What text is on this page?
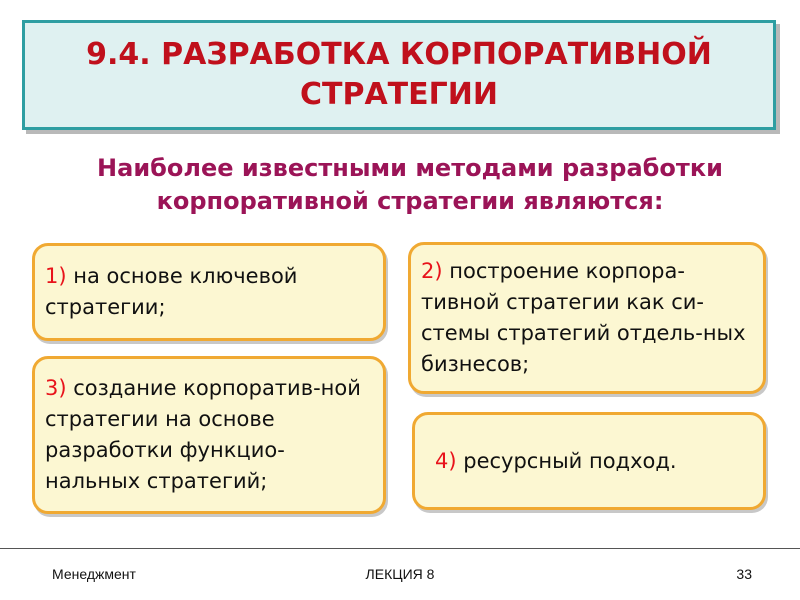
9.4. РАЗРАБОТКА КОРПОРАТИВНОЙ СТРАТЕГИИ
Наиболее известными методами разработки корпоративной стратегии являются:
1) на основе ключевой стратегии;
2) построение корпора-тивной стратегии как си-стемы стратегий отдель-ных бизнесов;
3) создание корпоратив-ной стратегии на основе разработки функцио-нальных стратегий;
4) ресурсный подход.
Менеджмент	ЛЕКЦИЯ 8	33
